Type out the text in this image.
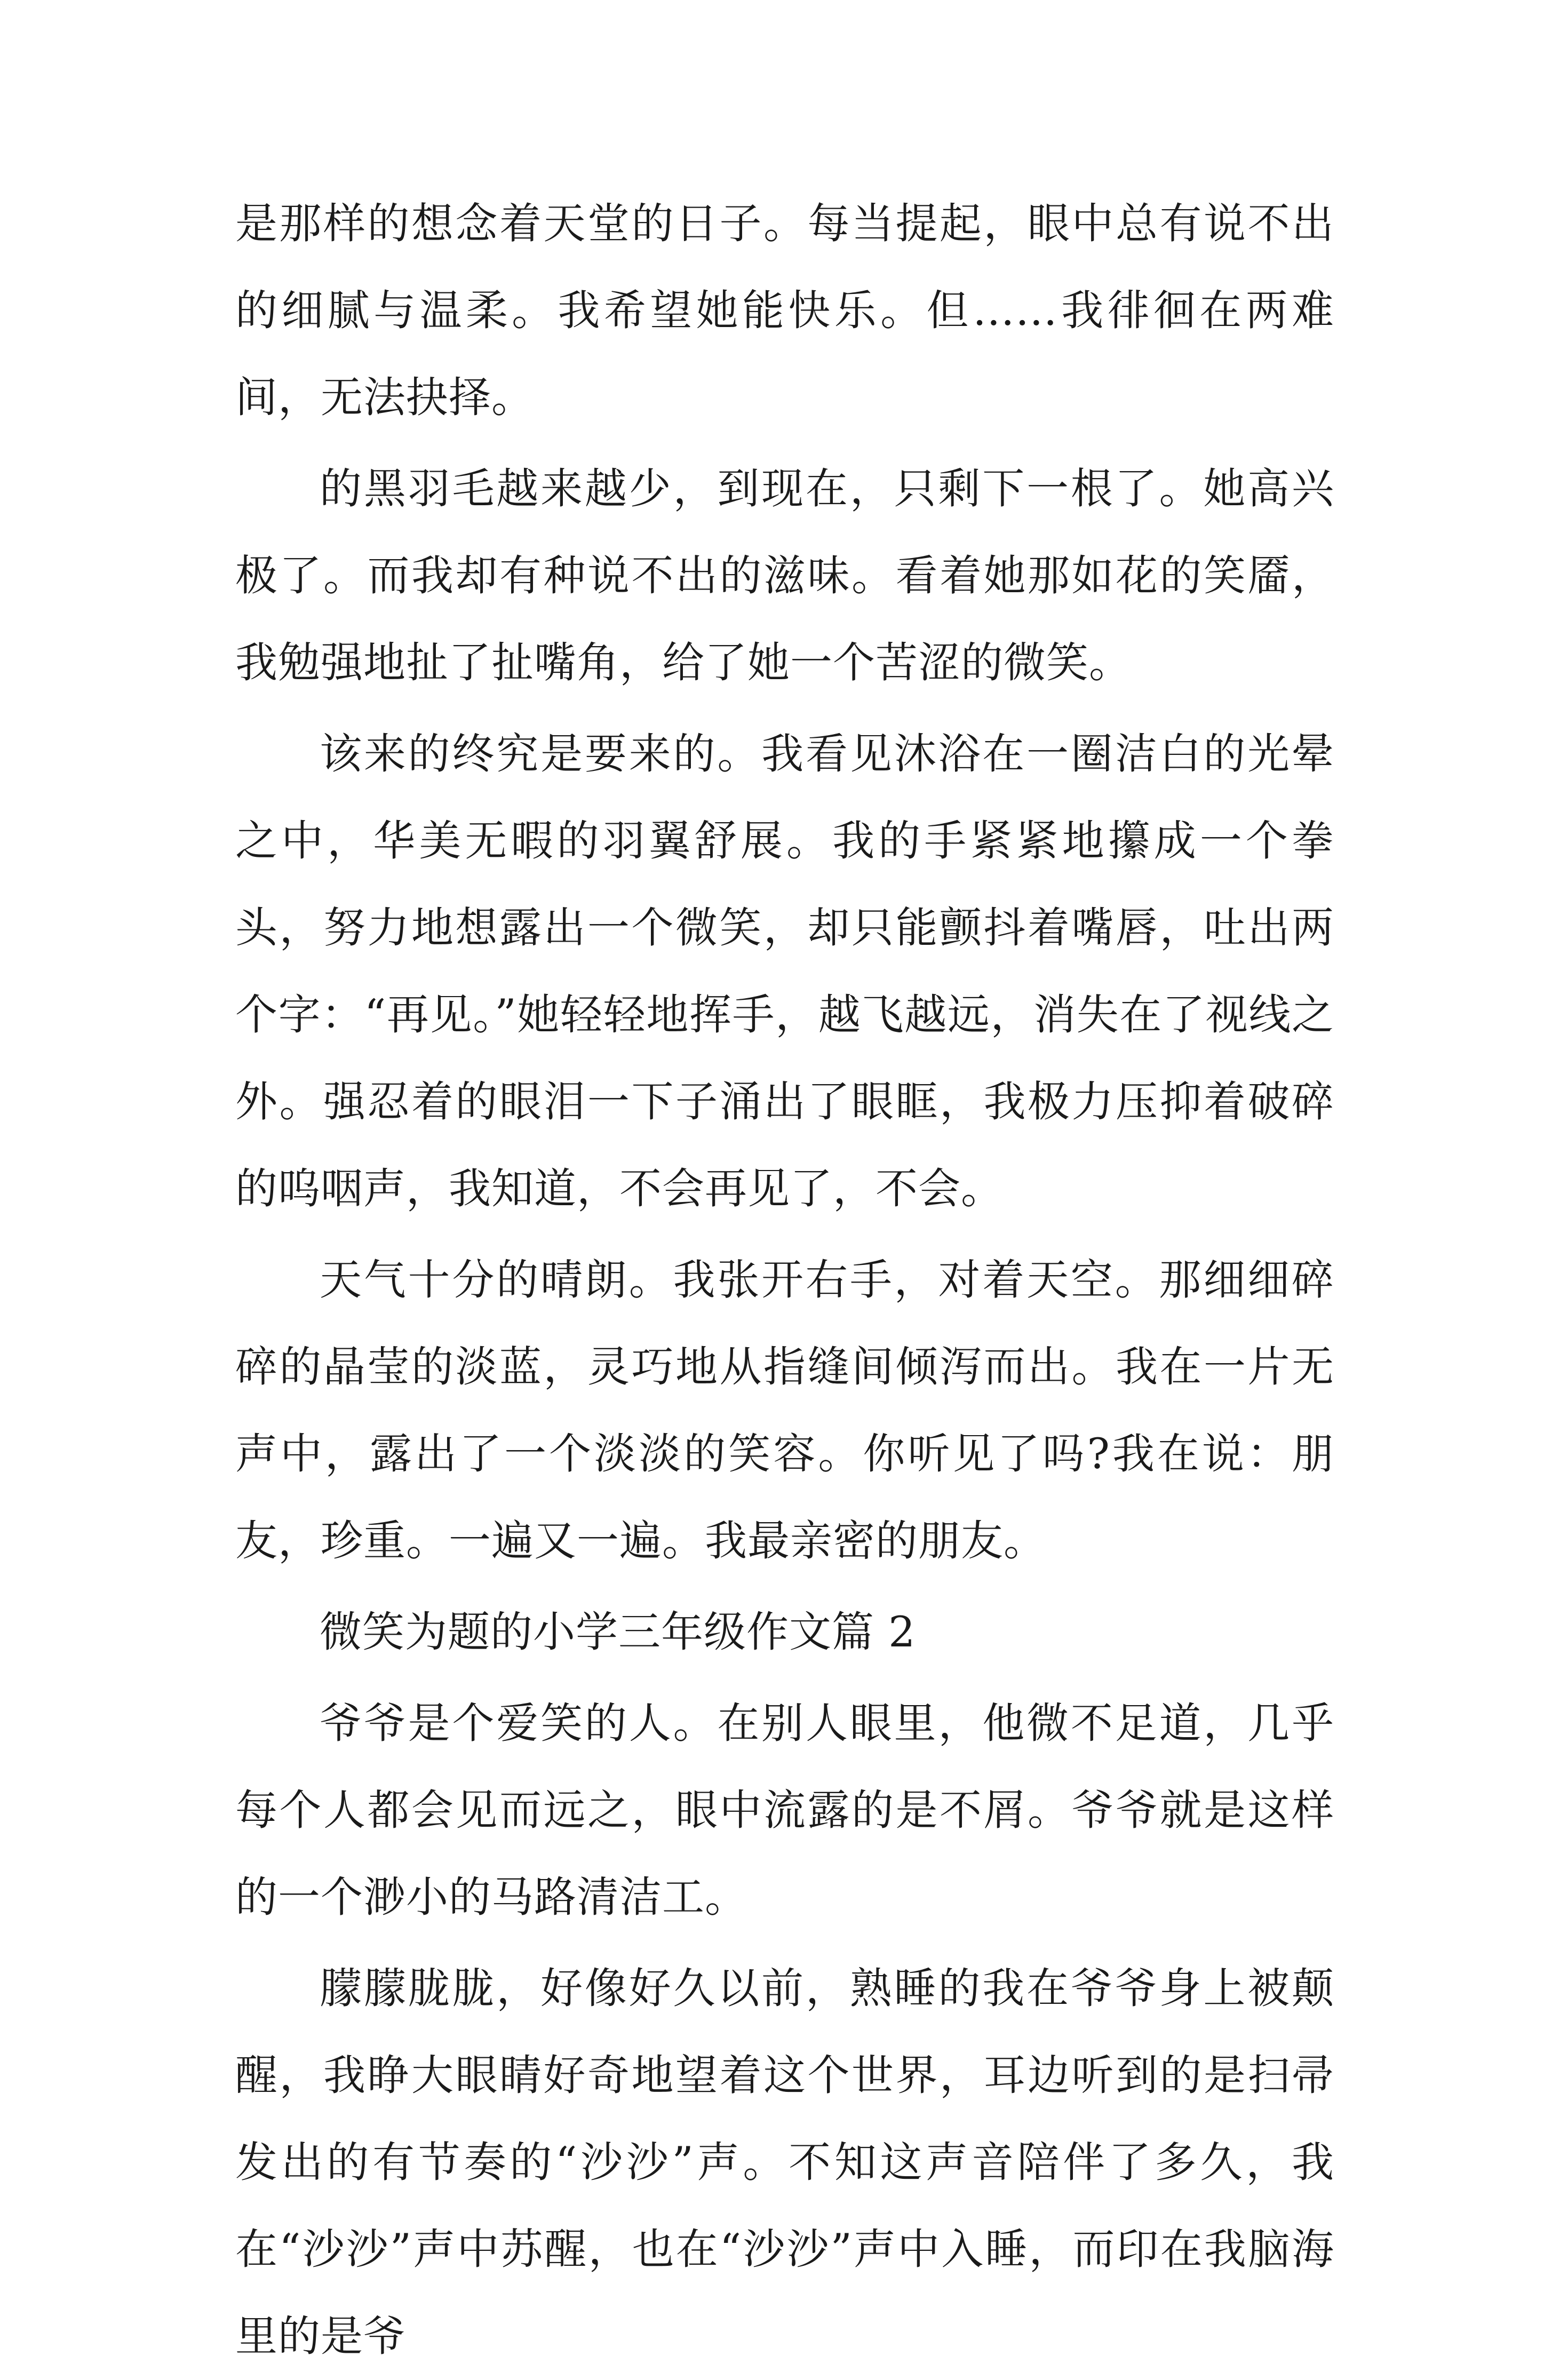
是那样的想念着天堂的日子。每当提起，眼中总有说不出的细腻与温柔。我希望她能快乐。但……我徘徊在两难间，无法抉择。

的黑羽毛越来越少，到现在，只剩下一根了。她高兴极了。而我却有种说不出的滋味。看着她那如花的笑靥，我勉强地扯了扯嘴角，给了她一个苦涩的微笑。

该来的终究是要来的。我看见沐浴在一圈洁白的光晕之中，华美无暇的羽翼舒展。我的手紧紧地攥成一个拳头，努力地想露出一个微笑，却只能颤抖着嘴唇，吐出两个字：“再见。”她轻轻地挥手，越飞越远，消失在了视线之外。强忍着的眼泪一下子涌出了眼眶，我极力压抑着破碎的呜咽声，我知道，不会再见了，不会。

天气十分的晴朗。我张开右手，对着天空。那细细碎碎的晶莹的淡蓝，灵巧地从指缝间倾泻而出。我在一片无声中，露出了一个淡淡的笑容。你听见了吗?我在说：朋友，珍重。一遍又一遍。我最亲密的朋友。

微笑为题的小学三年级作文篇 2

爷爷是个爱笑的人。在别人眼里，他微不足道，几乎每个人都会见而远之，眼中流露的是不屑。爷爷就是这样的一个渺小的马路清洁工。

朦朦胧胧，好像好久以前，熟睡的我在爷爷身上被颠醒，我睁大眼睛好奇地望着这个世界，耳边听到的是扫帚发出的有节奏的“沙沙”声。不知这声音陪伴了多久，我在“沙沙”声中苏醒，也在“沙沙”声中入睡，而印在我脑海里的是爷
